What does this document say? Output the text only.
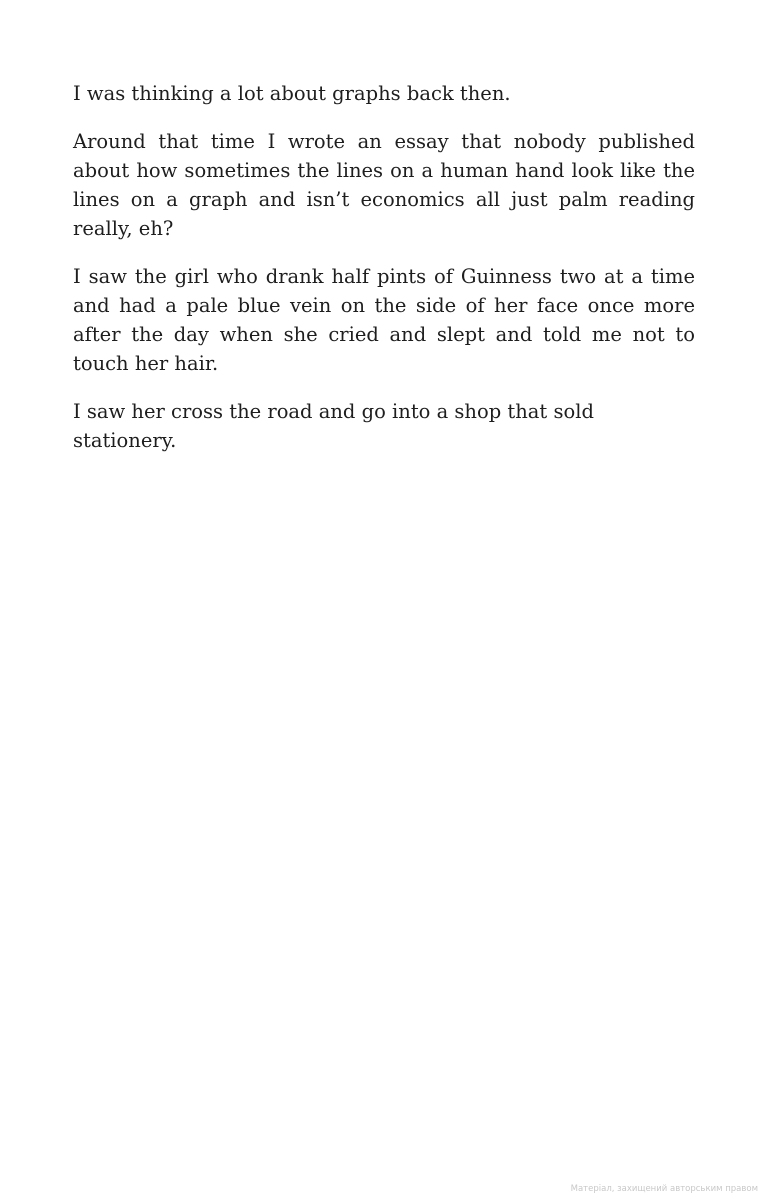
I was thinking a lot about graphs back then.

Around that time I wrote an essay that nobody published about how sometimes the lines on a human hand look like the lines on a graph and isn’t economics all just palm reading really, eh?

I saw the girl who drank half pints of Guinness two at a time and had a pale blue vein on the side of her face once more after the day when she cried and slept and told me not to touch her hair.

I saw her cross the road and go into a shop that sold stationery.

Матеріал, захищений авторським правом
